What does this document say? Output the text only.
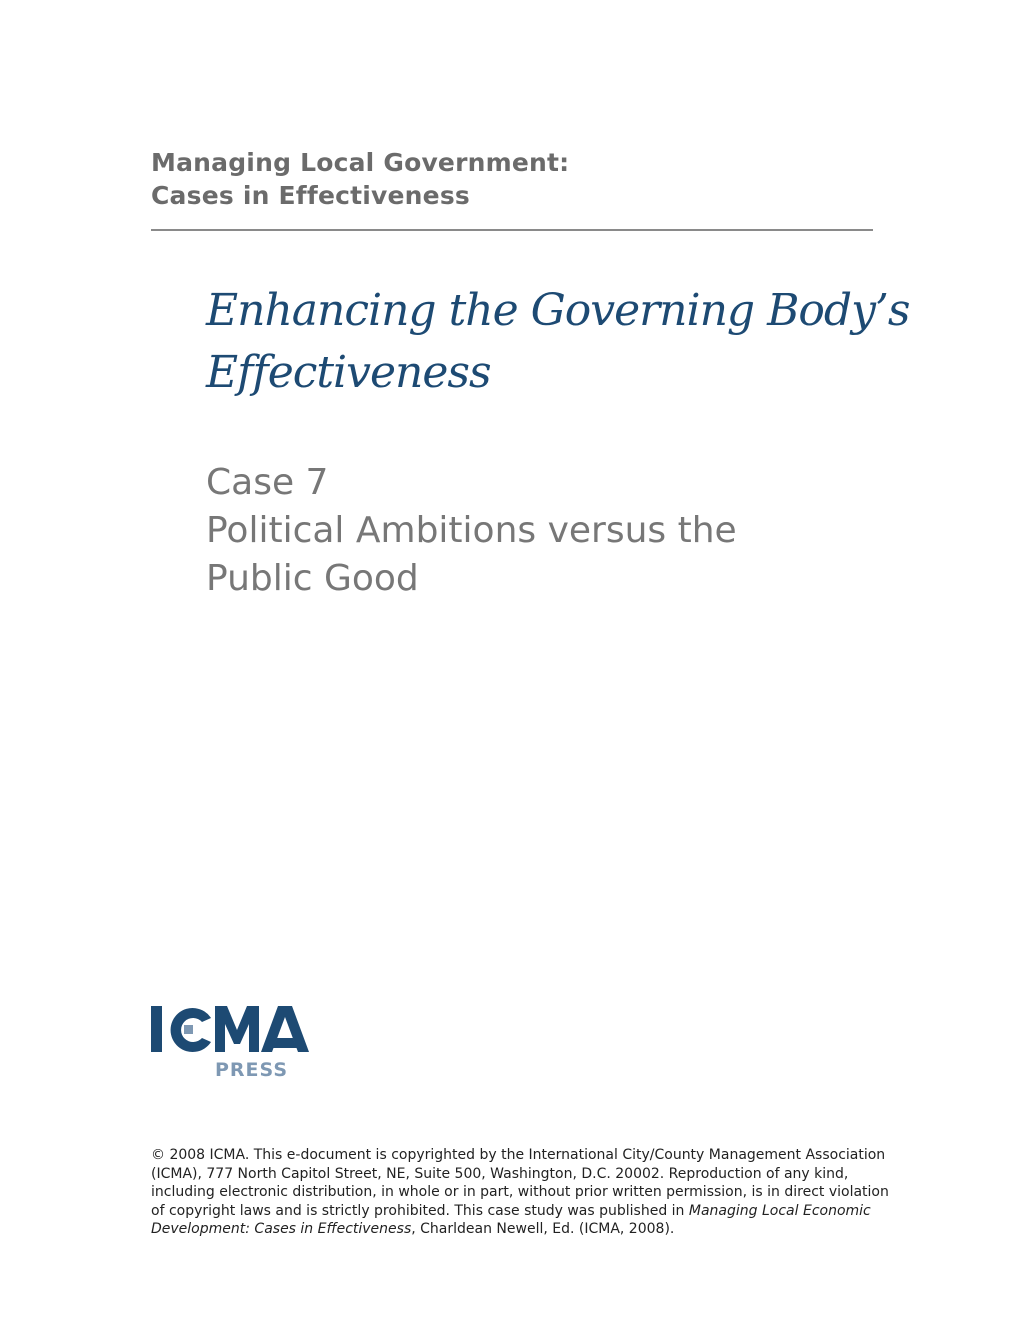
Managing Local Government:
Cases in Effectiveness
Enhancing the Governing Body’s
Effectiveness
Case 7
Political Ambitions versus the
Public Good
PRESS
© 2008 ICMA. This e-document is copyrighted by the International City/County Management Association
(ICMA), 777 North Capitol Street, NE, Suite 500, Washington, D.C. 20002. Reproduction of any kind,
including electronic distribution, in whole or in part, without prior written permission, is in direct violation
of copyright laws and is strictly prohibited. This case study was published in Managing Local Economic
Development: Cases in Effectiveness, Charldean Newell, Ed. (ICMA, 2008).
